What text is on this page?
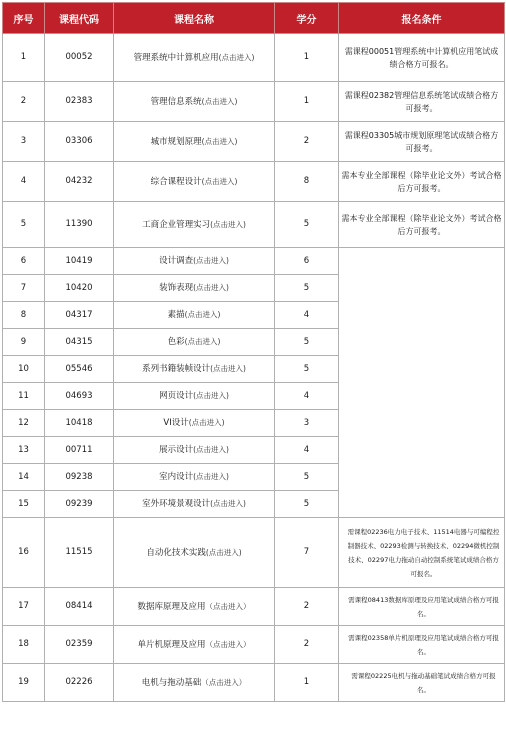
序号	课程代码	课程名称	学分	报名条件
1	00052	管理系统中计算机应用(点击进入)	1	需课程00051管理系统中计算机应用笔试成绩合格方可报名。
2	02383	管理信息系统(点击进入)	1	需课程02382管理信息系统笔试成绩合格方可报考。
3	03306	城市规划原理(点击进入)	2	需课程03305城市规划原理笔试成绩合格方可报考。
4	04232	综合课程设计(点击进入)	8	需本专业全部课程（除毕业论文外）考试合格后方可报考。
5	11390	工商企业管理实习(点击进入)	5	需本专业全部课程（除毕业论文外）考试合格后方可报考。
6	10419	设计调查(点击进入)	6	
7	10420	装饰表现(点击进入)	5	
8	04317	素描(点击进入)	4	
9	04315	色彩(点击进入)	5	
10	05546	系列书籍装帧设计(点击进入)	5	
11	04693	网页设计(点击进入)	4	
12	10418	VI设计(点击进入)	3	
13	00711	展示设计(点击进入)	4	
14	09238	室内设计(点击进入)	5	
15	09239	室外环境景观设计(点击进入)	5	
16	11515	自动化技术实践(点击进入)	7	需课程02236电力电子技术、11514电器与可编程控制器技术、02293检测与转换技术、02294微机控制技术、02297电力拖动自动控制系统笔试成绩合格方可报名。
17	08414	数据库原理及应用（点击进入）	2	需课程08413数据库原理及应用笔试成绩合格方可报名。
18	02359	单片机原理及应用（点击进入）	2	需课程02358单片机原理及应用笔试成绩合格方可报名。
19	02226	电机与拖动基础（点击进入）	1	需课程02225电机与拖动基础笔试成绩合格方可报名。
